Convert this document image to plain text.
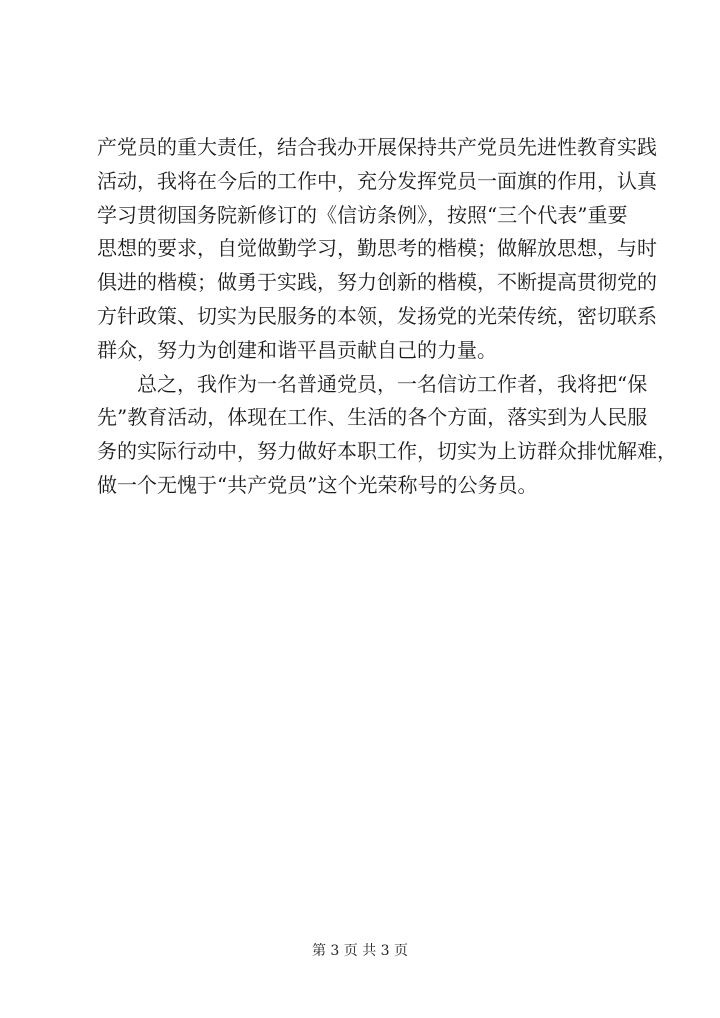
产党员的重大责任，结合我办开展保持共产党员先进性教育实践
活动，我将在今后的工作中，充分发挥党员一面旗的作用，认真
学习贯彻国务院新修订的《信访条例》，按照“三个代表”重要
思想的要求，自觉做勤学习，勤思考的楷模；做解放思想，与时
俱进的楷模；做勇于实践，努力创新的楷模，不断提高贯彻党的
方针政策、切实为民服务的本领，发扬党的光荣传统，密切联系
群众，努力为创建和谐平昌贡献自己的力量。
总之，我作为一名普通党员，一名信访工作者，我将把“保
先”教育活动，体现在工作、生活的各个方面，落实到为人民服
务的实际行动中，努力做好本职工作，切实为上访群众排忧解难，
做一个无愧于“共产党员”这个光荣称号的公务员。
第 3 页 共 3 页
